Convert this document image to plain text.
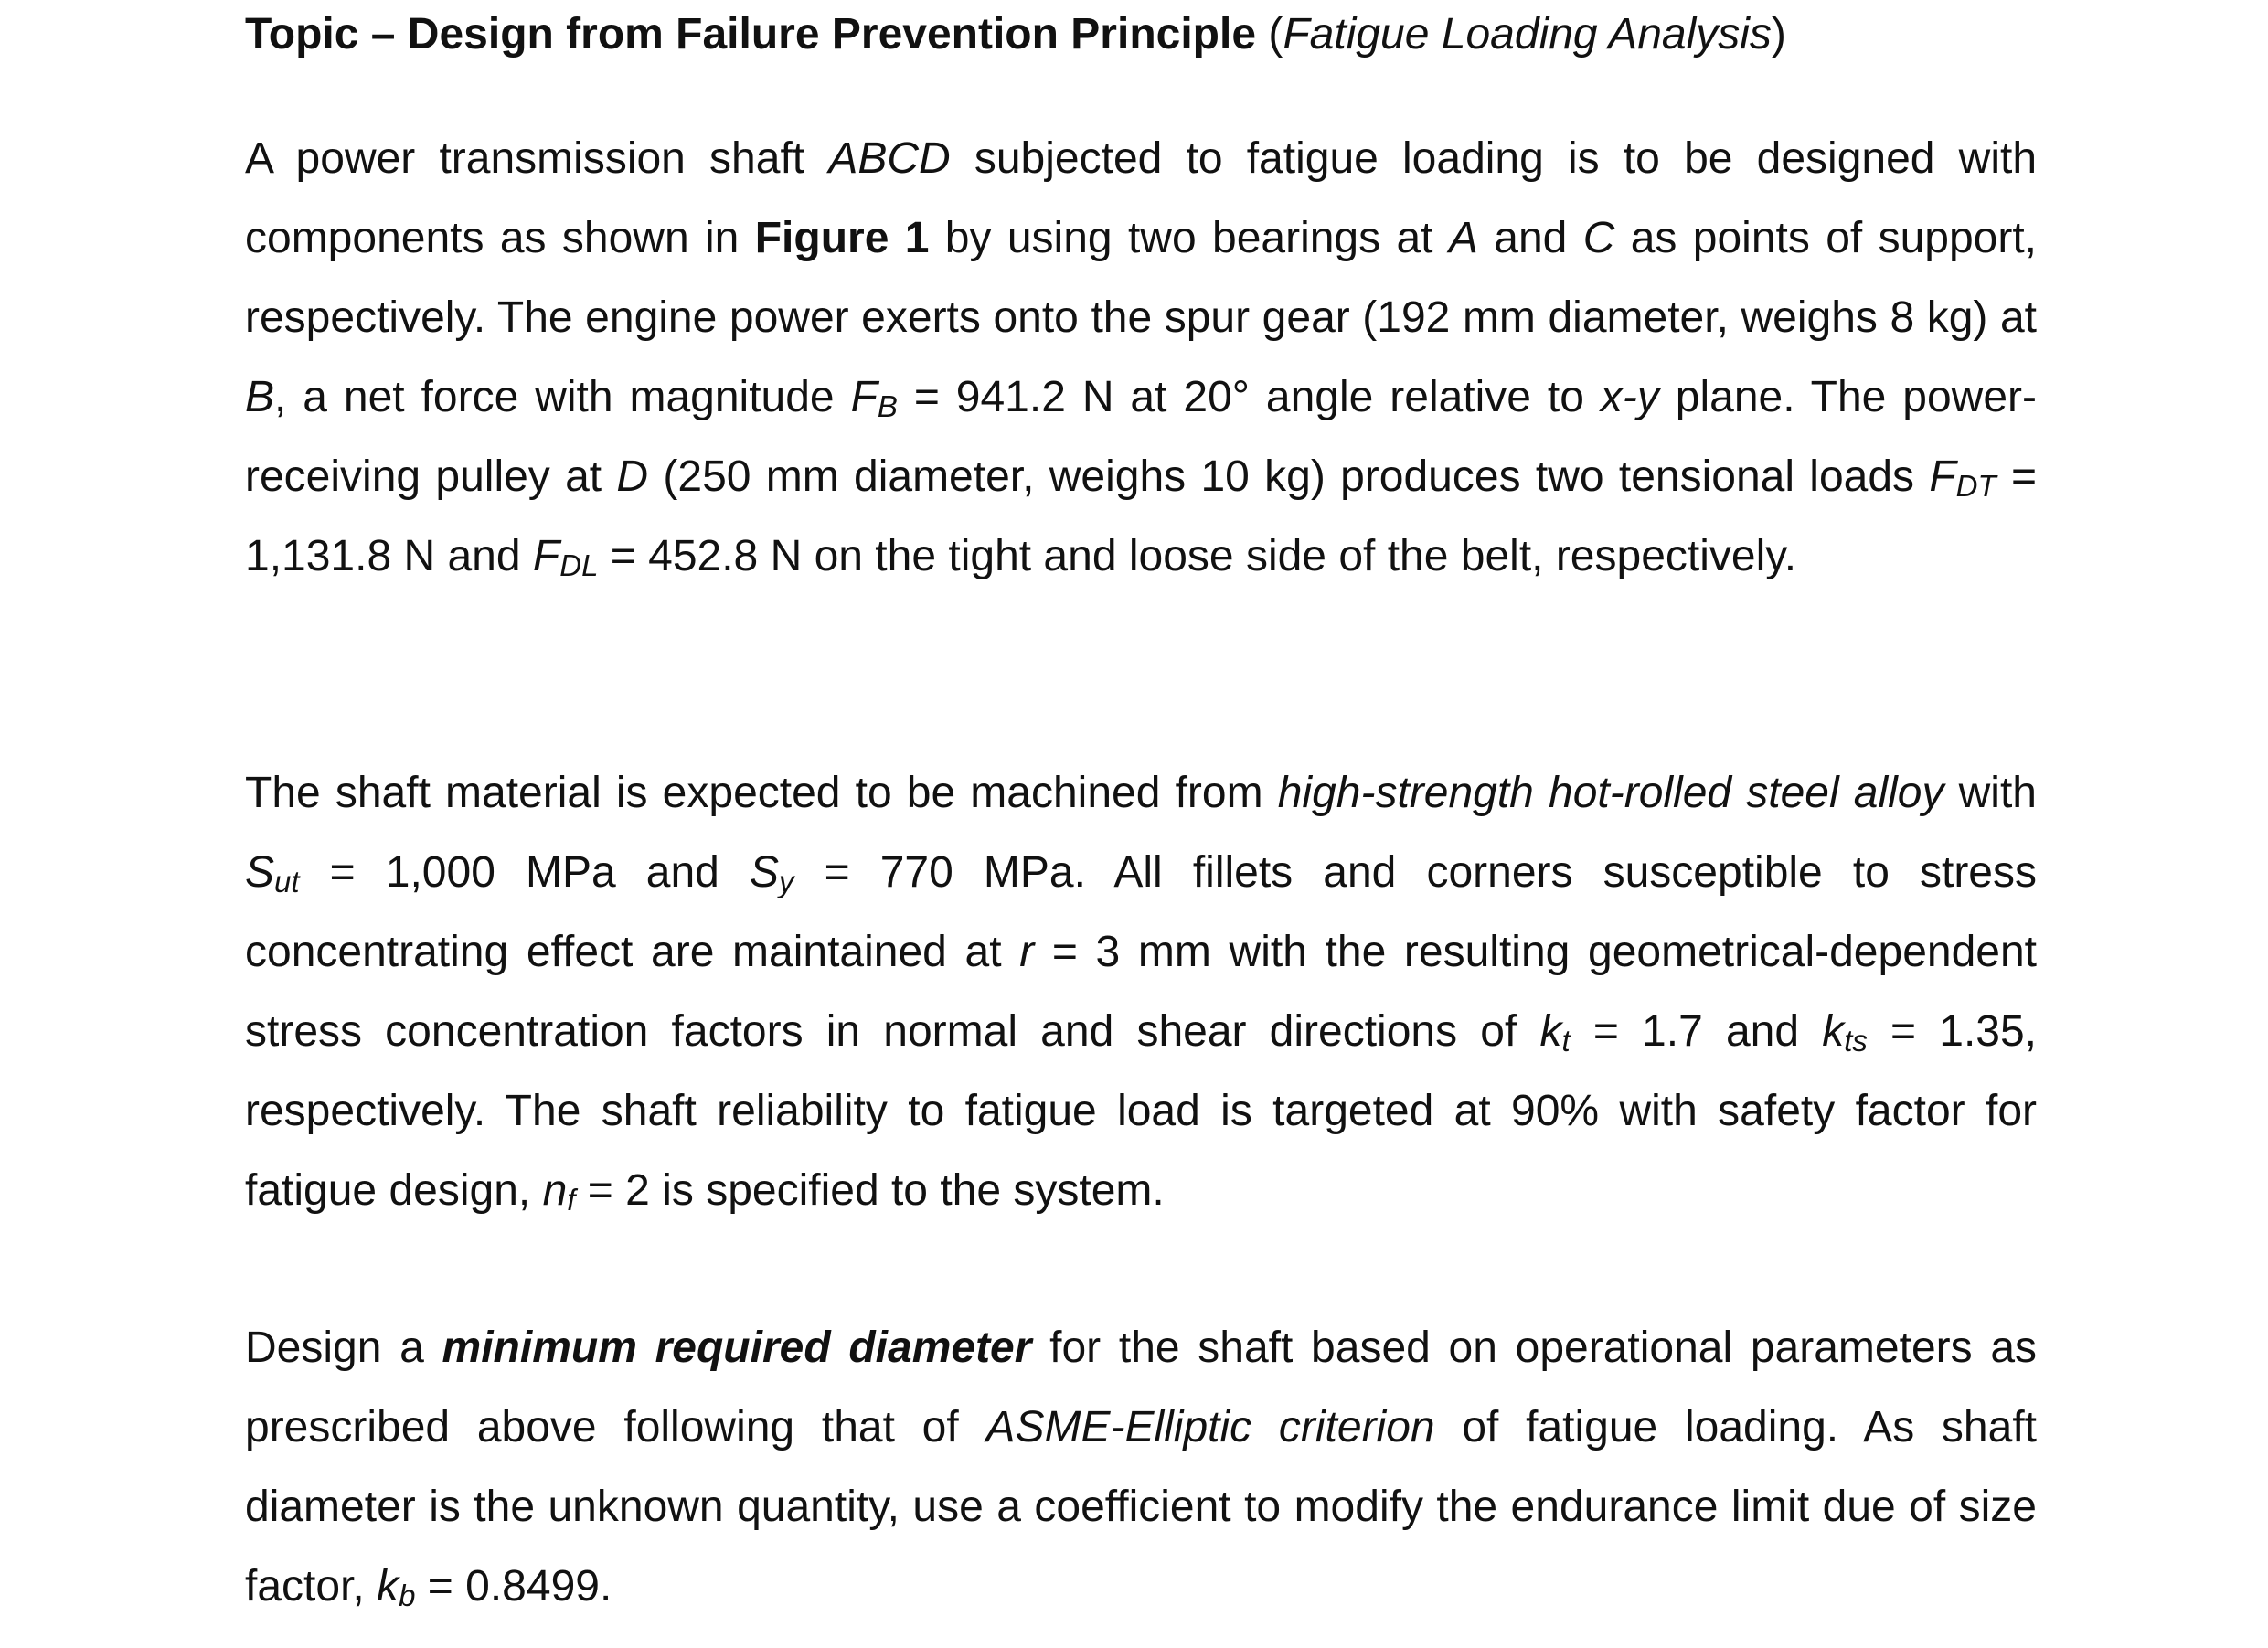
Topic – Design from Failure Prevention Principle (Fatigue Loading Analysis)
A power transmission shaft ABCD subjected to fatigue loading is to be designed with components as shown in Figure 1 by using two bearings at A and C as points of support, respectively. The engine power exerts onto the spur gear (192 mm diameter, weighs 8 kg) at B, a net force with magnitude $F_B = 941.2$ N at 20° angle relative to x-y plane. The power-receiving pulley at D (250 mm diameter, weighs 10 kg) produces two tensional loads $F_{DT} = 1,131.8$ N and $F_{DL} = 452.8$ N on the tight and loose side of the belt, respectively.
The shaft material is expected to be machined from high-strength hot-rolled steel alloy with $S_{ut} = 1,000$ MPa and $S_y = 770$ MPa. All fillets and corners susceptible to stress concentrating effect are maintained at r = 3 mm with the resulting geometrical-dependent stress concentration factors in normal and shear directions of $k_t = 1.7$ and $k_{ts} = 1.35$, respectively. The shaft reliability to fatigue load is targeted at 90% with safety factor for fatigue design, $n_f = 2$ is specified to the system.
Design a minimum required diameter for the shaft based on operational parameters as prescribed above following that of ASME-Elliptic criterion of fatigue loading. As shaft diameter is the unknown quantity, use a coefficient to modify the endurance limit due of size factor, $k_b = 0.8499$.
